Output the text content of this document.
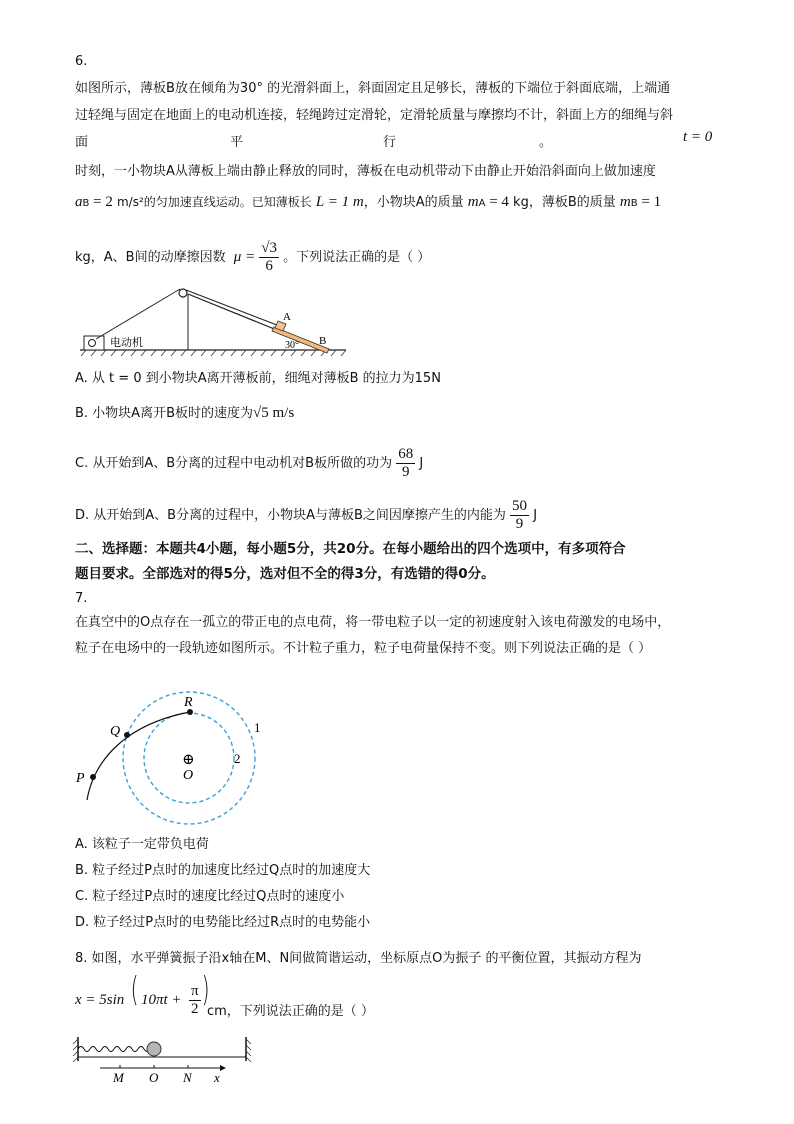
6.
如图所示，薄板B放在倾角为30° 的光滑斜面上，斜面固定且足够长，薄板的下端位于斜面底端，上端通
过轻绳与固定在地面上的电动机连接，轻绳跨过定滑轮，定滑轮质量与摩擦均不计，斜面上方的细绳与斜
面	平	行	。	t = 0
时刻，一小物块A从薄板上端由静止释放的同时，薄板在电动机带动下由静止开始沿斜面向上做加速度
aB = 2 m/s²的匀加速直线运动。已知薄板长 L = 1 m，小物块A的质量 mA = 4 kg，薄板B的质量 mB = 1
kg，A、B间的动摩擦因数 $\mu = \frac{√3}{6}$ 。下列说法正确的是（ ）
电动机
A
B
30°
A. 从 t = 0 到小物块A离开薄板前，细绳对薄板B 的拉力为15N
B. 小物块A离开B板时的速度为√5 m/s
C. 从开始到A、B分离的过程中电动机对B板所做的功为 $\frac{68}{9}$ J
D. 从开始到A、B分离的过程中，小物块A与薄板B之间因摩擦产生的内能为 $\frac{50}{9}$ J
二、选择题：本题共4小题，每小题5分，共20分。在每小题给出的四个选项中，有多项符合
题目要求。全部选对的得5分，选对但不全的得3分，有选错的得0分。
7.
在真空中的O点存在一孤立的带正电的点电荷，将一带电粒子以一定的初速度射入该电荷激发的电场中，
粒子在电场中的一段轨迹如图所示。不计粒子重力，粒子电荷量保持不变。则下列说法正确的是（ ）
R
Q
P
⊕
O
1
2
A. 该粒子一定带负电荷
B. 粒子经过P点时的加速度比经过Q点时的加速度大
C. 粒子经过P点时的速度比经过Q点时的速度小
D. 粒子经过P点时的电势能比经过R点时的电势能小
8. 如图，水平弹簧振子沿x轴在M、N间做简谐运动，坐标原点O为振子 的平衡位置，其振动方程为
x = 5sin ( $10\pi t + \frac{\pi}{2}$ )
cm，下列说法正确的是（ ）
M O N x
